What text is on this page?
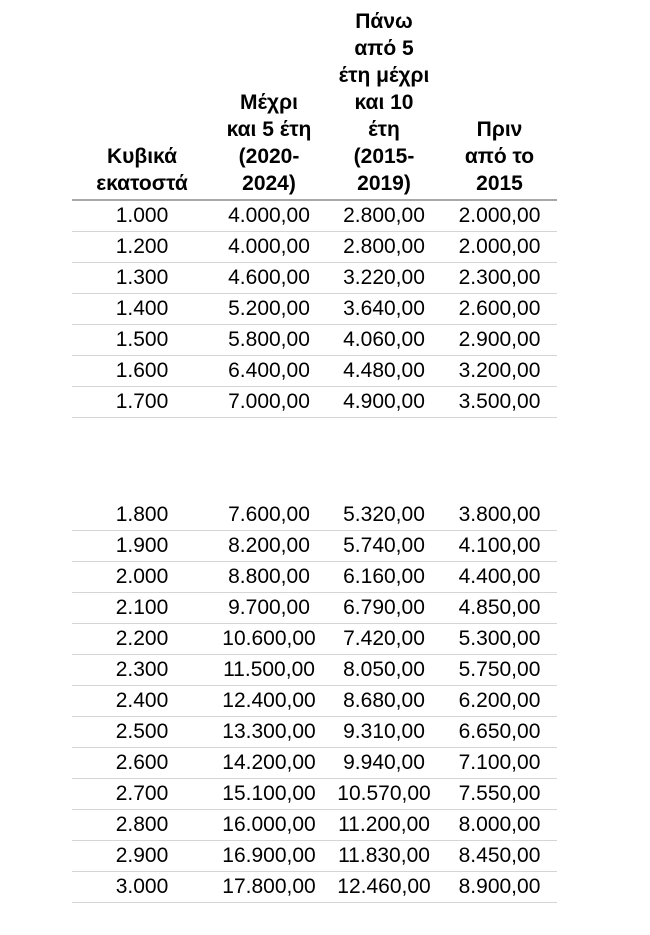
Κυβικά
εκατοστά	Μέχρι
και 5 έτη
(2020-
2024)	Πάνω
από 5
έτη μέχρι
και 10
έτη
(2015-
2019)	Πριν
από το
2015
1.000	4.000,00	2.800,00	2.000,00
1.200	4.000,00	2.800,00	2.000,00
1.300	4.600,00	3.220,00	2.300,00
1.400	5.200,00	3.640,00	2.600,00
1.500	5.800,00	4.060,00	2.900,00
1.600	6.400,00	4.480,00	3.200,00
1.700	7.000,00	4.900,00	3.500,00
1.800	7.600,00	5.320,00	3.800,00
1.900	8.200,00	5.740,00	4.100,00
2.000	8.800,00	6.160,00	4.400,00
2.100	9.700,00	6.790,00	4.850,00
2.200	10.600,00	7.420,00	5.300,00
2.300	11.500,00	8.050,00	5.750,00
2.400	12.400,00	8.680,00	6.200,00
2.500	13.300,00	9.310,00	6.650,00
2.600	14.200,00	9.940,00	7.100,00
2.700	15.100,00	10.570,00	7.550,00
2.800	16.000,00	11.200,00	8.000,00
2.900	16.900,00	11.830,00	8.450,00
3.000	17.800,00	12.460,00	8.900,00
